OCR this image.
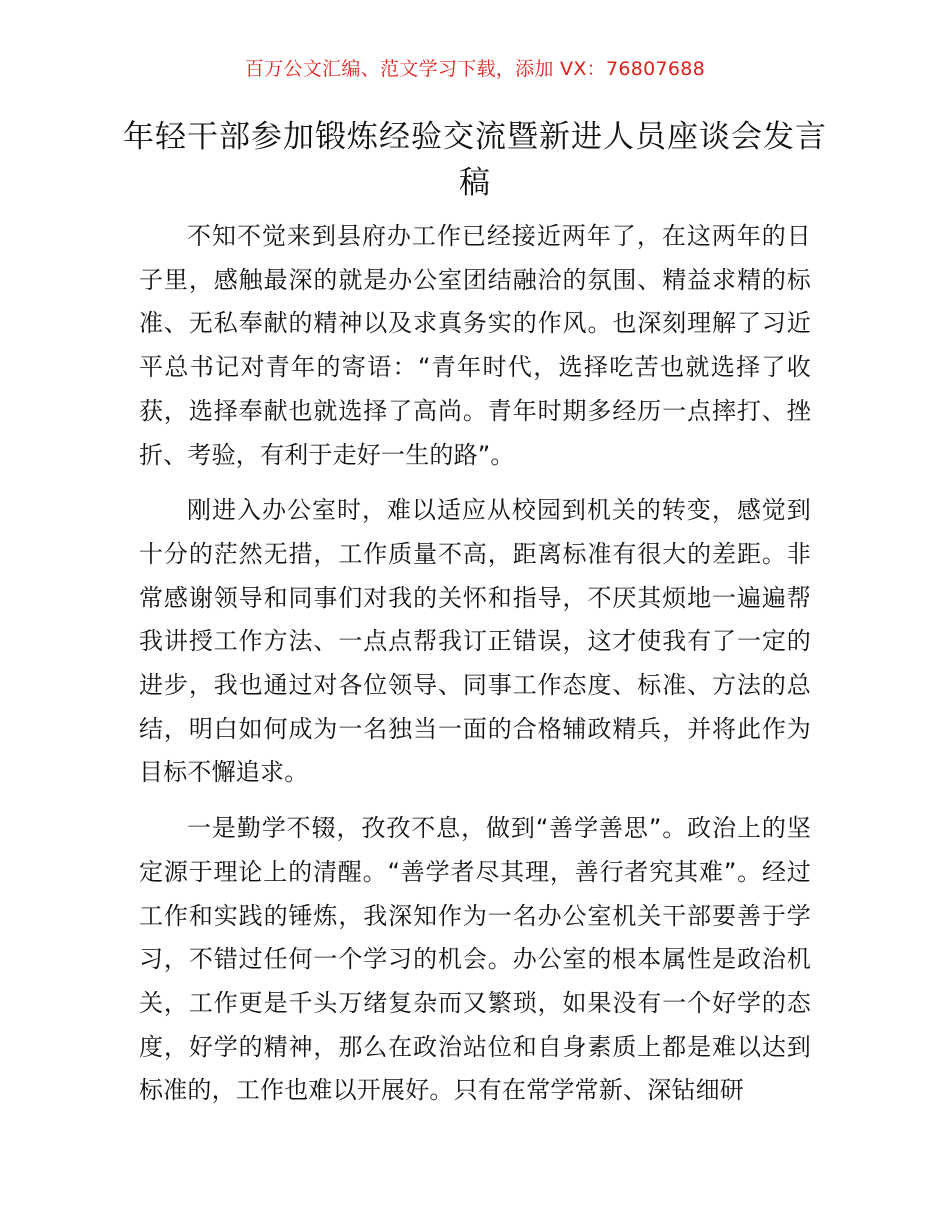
百万公文汇编、范文学习下载，添加 VX：76807688
年轻干部参加锻炼经验交流暨新进人员座谈会发言稿

不知不觉来到县府办工作已经接近两年了，在这两年的日子里，感触最深的就是办公室团结融洽的氛围、精益求精的标准、无私奉献的精神以及求真务实的作风。也深刻理解了习近平总书记对青年的寄语：“青年时代，选择吃苦也就选择了收获，选择奉献也就选择了高尚。青年时期多经历一点摔打、挫折、考验，有利于走好一生的路”。

刚进入办公室时，难以适应从校园到机关的转变，感觉到十分的茫然无措，工作质量不高，距离标准有很大的差距。非常感谢领导和同事们对我的关怀和指导，不厌其烦地一遍遍帮我讲授工作方法、一点点帮我订正错误，这才使我有了一定的进步，我也通过对各位领导、同事工作态度、标准、方法的总结，明白如何成为一名独当一面的合格辅政精兵，并将此作为目标不懈追求。

一是勤学不辍，孜孜不息，做到“善学善思”。政治上的坚定源于理论上的清醒。“善学者尽其理，善行者究其难”。经过工作和实践的锤炼，我深知作为一名办公室机关干部要善于学习，不错过任何一个学习的机会。办公室的根本属性是政治机关，工作更是千头万绪复杂而又繁琐，如果没有一个好学的态度，好学的精神，那么在政治站位和自身素质上都是难以达到标准的，工作也难以开展好。只有在常学常新、深钻细研
